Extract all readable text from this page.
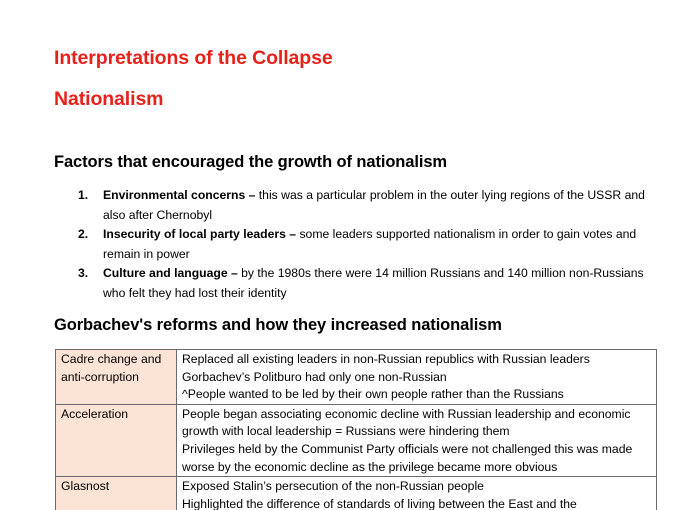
Interpretations of the Collapse
Nationalism
Factors that encouraged the growth of nationalism
1. Environmental concerns – this was a particular problem in the outer lying regions of the USSR and also after Chernobyl
2. Insecurity of local party leaders – some leaders supported nationalism in order to gain votes and remain in power
3. Culture and language – by the 1980s there were 14 million Russians and 140 million non-Russians who felt they had lost their identity
Gorbachev's reforms and how they increased nationalism
Cadre change and anti-corruption	Replaced all existing leaders in non-Russian republics with Russian leaders
Gorbachev’s Politburo had only one non-Russian
^People wanted to be led by their own people rather than the Russians

Acceleration	People began associating economic decline with Russian leadership and economic growth with local leadership = Russians were hindering them
Privileges held by the Communist Party officials were not challenged this was made worse by the economic decline as the privilege became more obvious
Glasnost	Exposed Stalin’s persecution of the non-Russian people
Highlighted the difference of standards of living between the East and the
